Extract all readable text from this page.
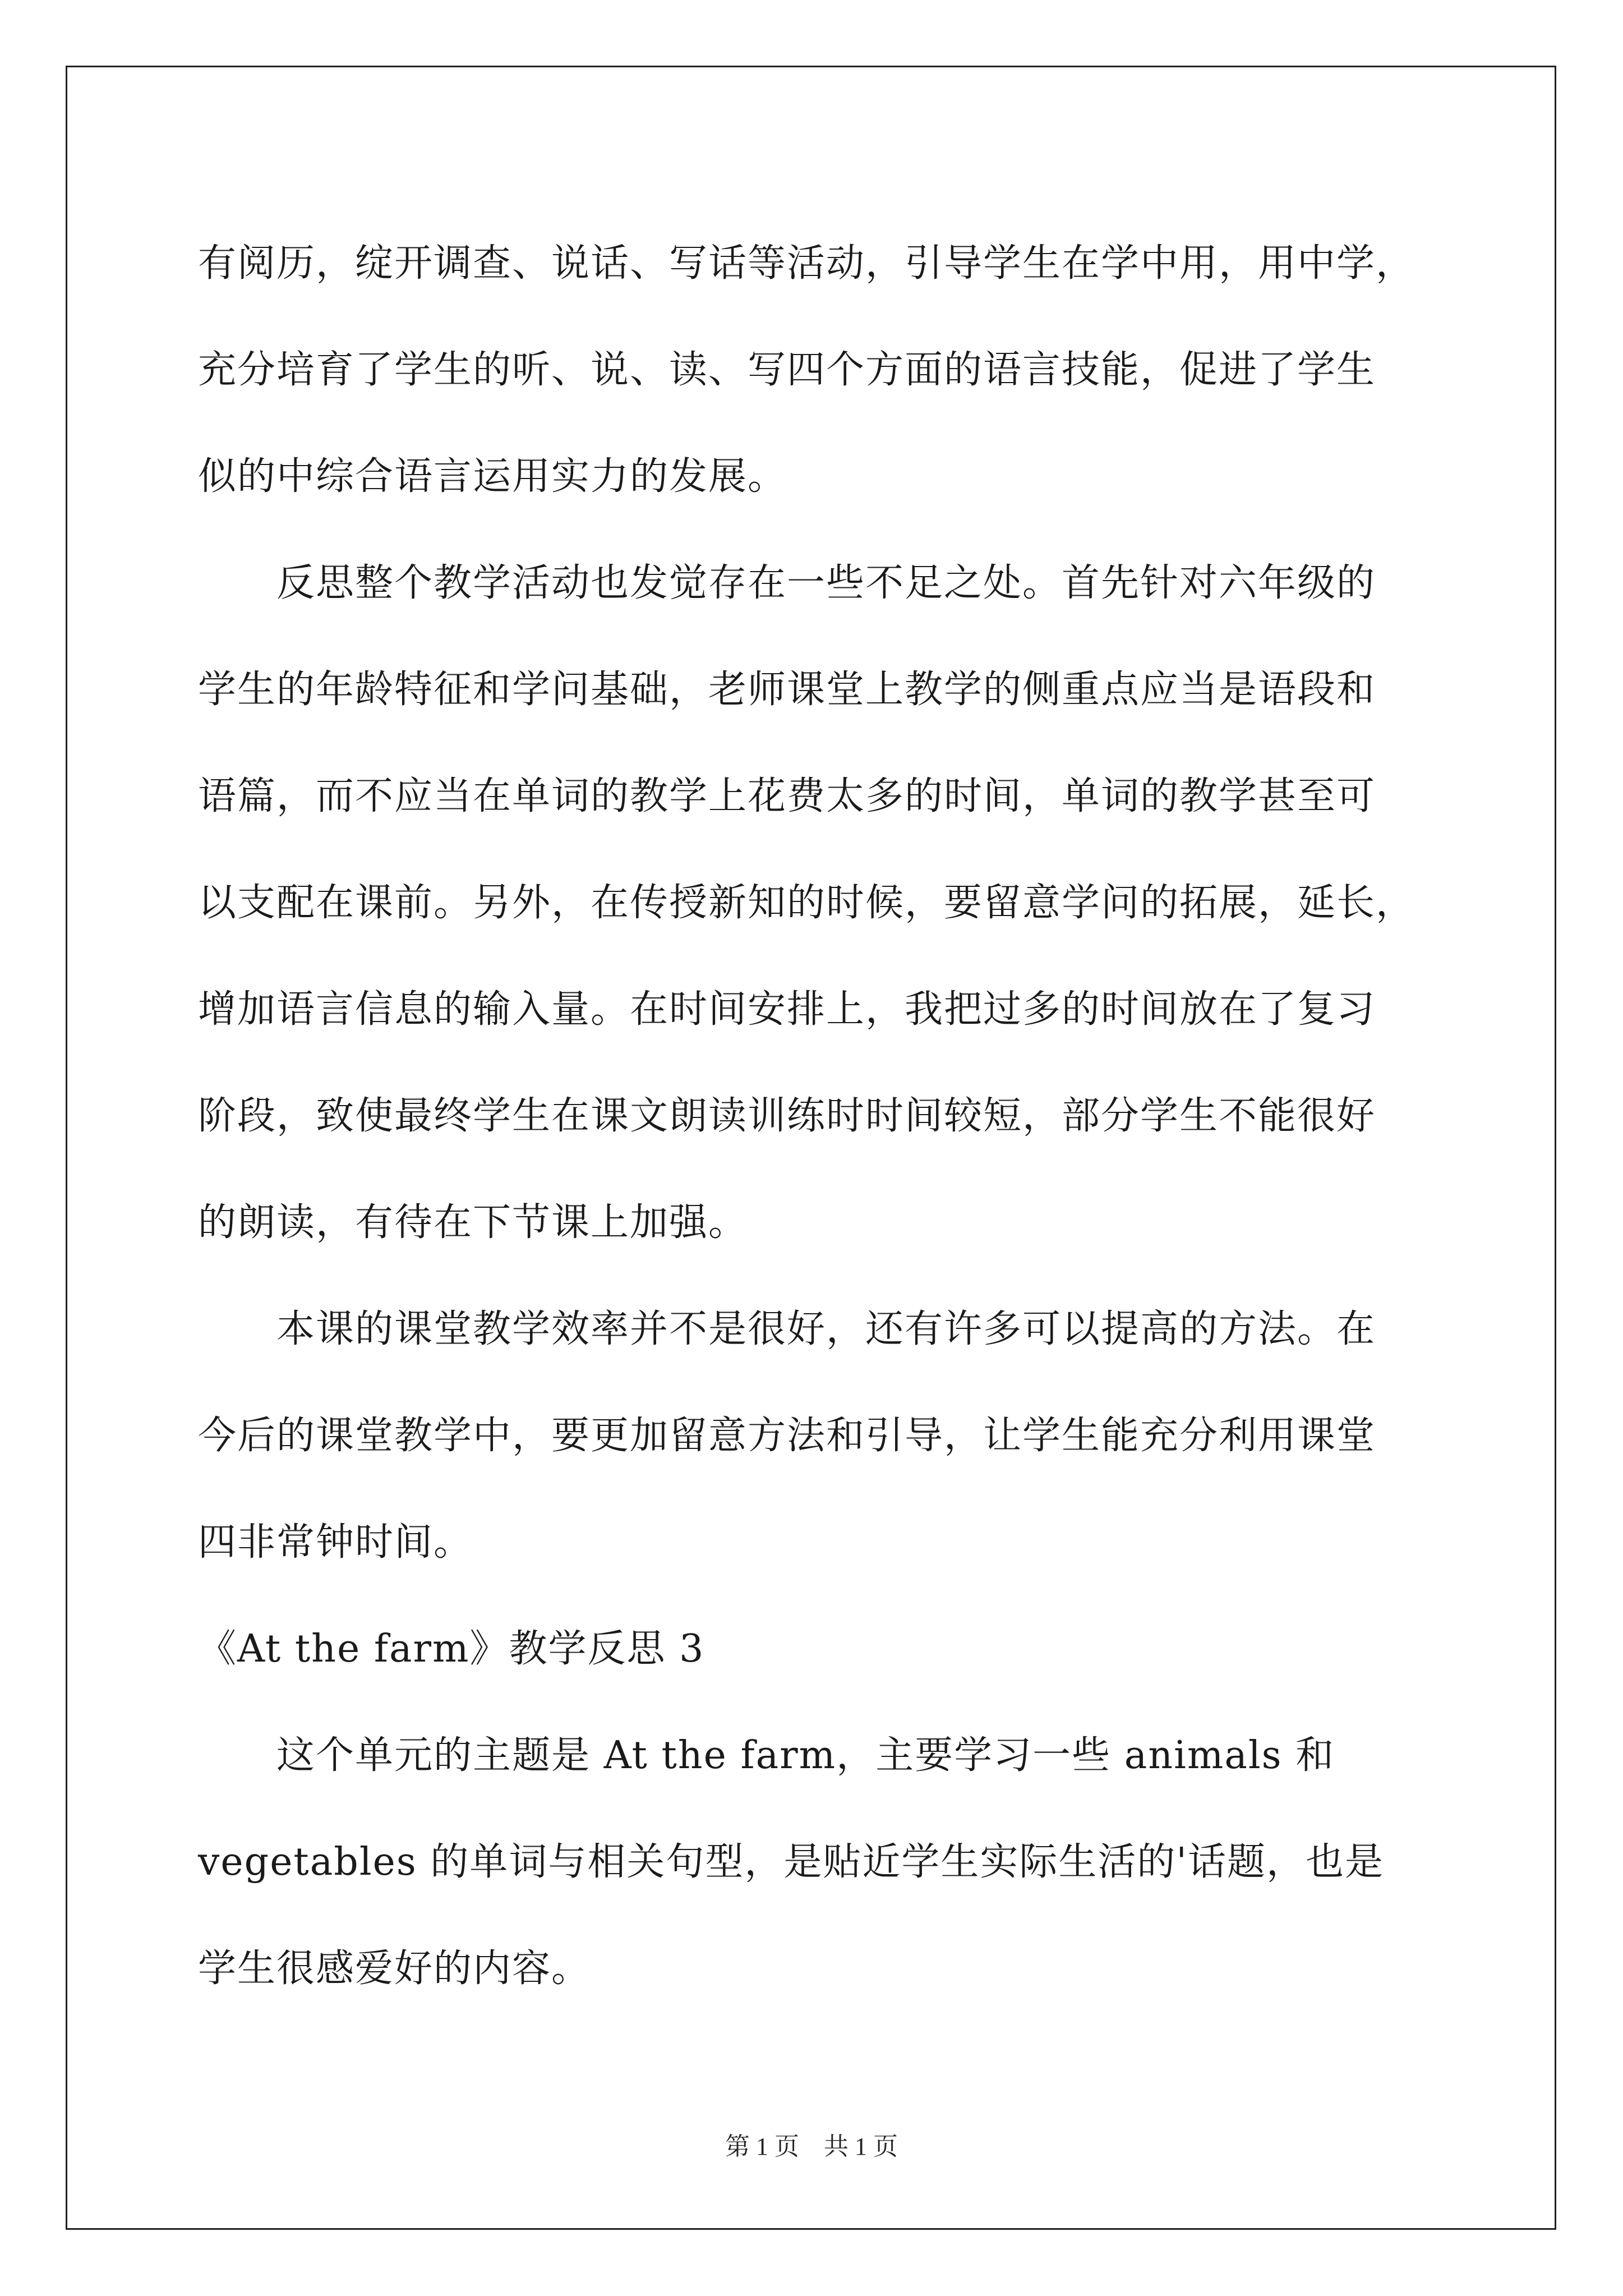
有阅历，绽开调查、说话、写话等活动，引导学生在学中用，用中学，
充分培育了学生的听、说、读、写四个方面的语言技能，促进了学生
似的中综合语言运用实力的发展。
反思整个教学活动也发觉存在一些不足之处。首先针对六年级的
学生的年龄特征和学问基础，老师课堂上教学的侧重点应当是语段和
语篇，而不应当在单词的教学上花费太多的时间，单词的教学甚至可
以支配在课前。另外，在传授新知的时候，要留意学问的拓展，延长，
增加语言信息的输入量。在时间安排上，我把过多的时间放在了复习
阶段，致使最终学生在课文朗读训练时时间较短，部分学生不能很好
的朗读，有待在下节课上加强。
本课的课堂教学效率并不是很好，还有许多可以提高的方法。在
今后的课堂教学中，要更加留意方法和引导，让学生能充分利用课堂
四非常钟时间。
《At the farm》教学反思 3
这个单元的主题是 At the farm，主要学习一些 animals 和
vegetables 的单词与相关句型，是贴近学生实际生活的'话题，也是
学生很感爱好的内容。
第 1 页　共 1 页
